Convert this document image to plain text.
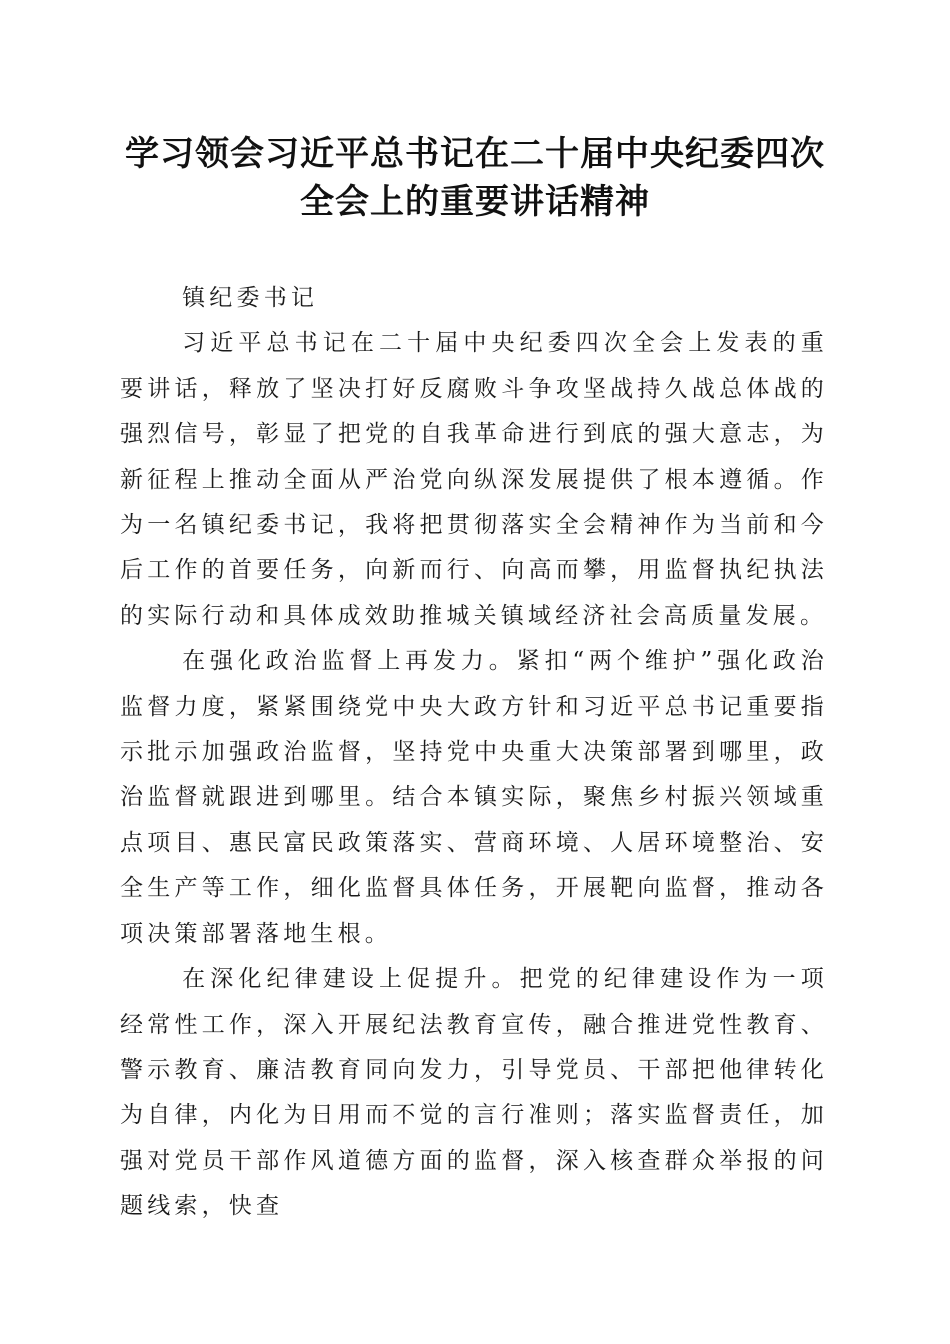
学习领会习近平总书记在二十届中央纪委四次
全会上的重要讲话精神

镇纪委书记

习近平总书记在二十届中央纪委四次全会上发表的重要讲话，释放了坚决打好反腐败斗争攻坚战持久战总体战的强烈信号，彰显了把党的自我革命进行到底的强大意志，为新征程上推动全面从严治党向纵深发展提供了根本遵循。作为一名镇纪委书记，我将把贯彻落实全会精神作为当前和今后工作的首要任务，向新而行、向高而攀，用监督执纪执法的实际行动和具体成效助推城关镇域经济社会高质量发展。

在强化政治监督上再发力。紧扣“两个维护”强化政治监督力度，紧紧围绕党中央大政方针和习近平总书记重要指示批示加强政治监督，坚持党中央重大决策部署到哪里，政治监督就跟进到哪里。结合本镇实际，聚焦乡村振兴领域重点项目、惠民富民政策落实、营商环境、人居环境整治、安全生产等工作，细化监督具体任务，开展靶向监督，推动各项决策部署落地生根。

在深化纪律建设上促提升。把党的纪律建设作为一项经常性工作，深入开展纪法教育宣传，融合推进党性教育、警示教育、廉洁教育同向发力，引导党员、干部把他律转化为自律，内化为日用而不觉的言行准则；落实监督责任，加强对党员干部作风道德方面的监督，深入核查群众举报的问题线索，快查
